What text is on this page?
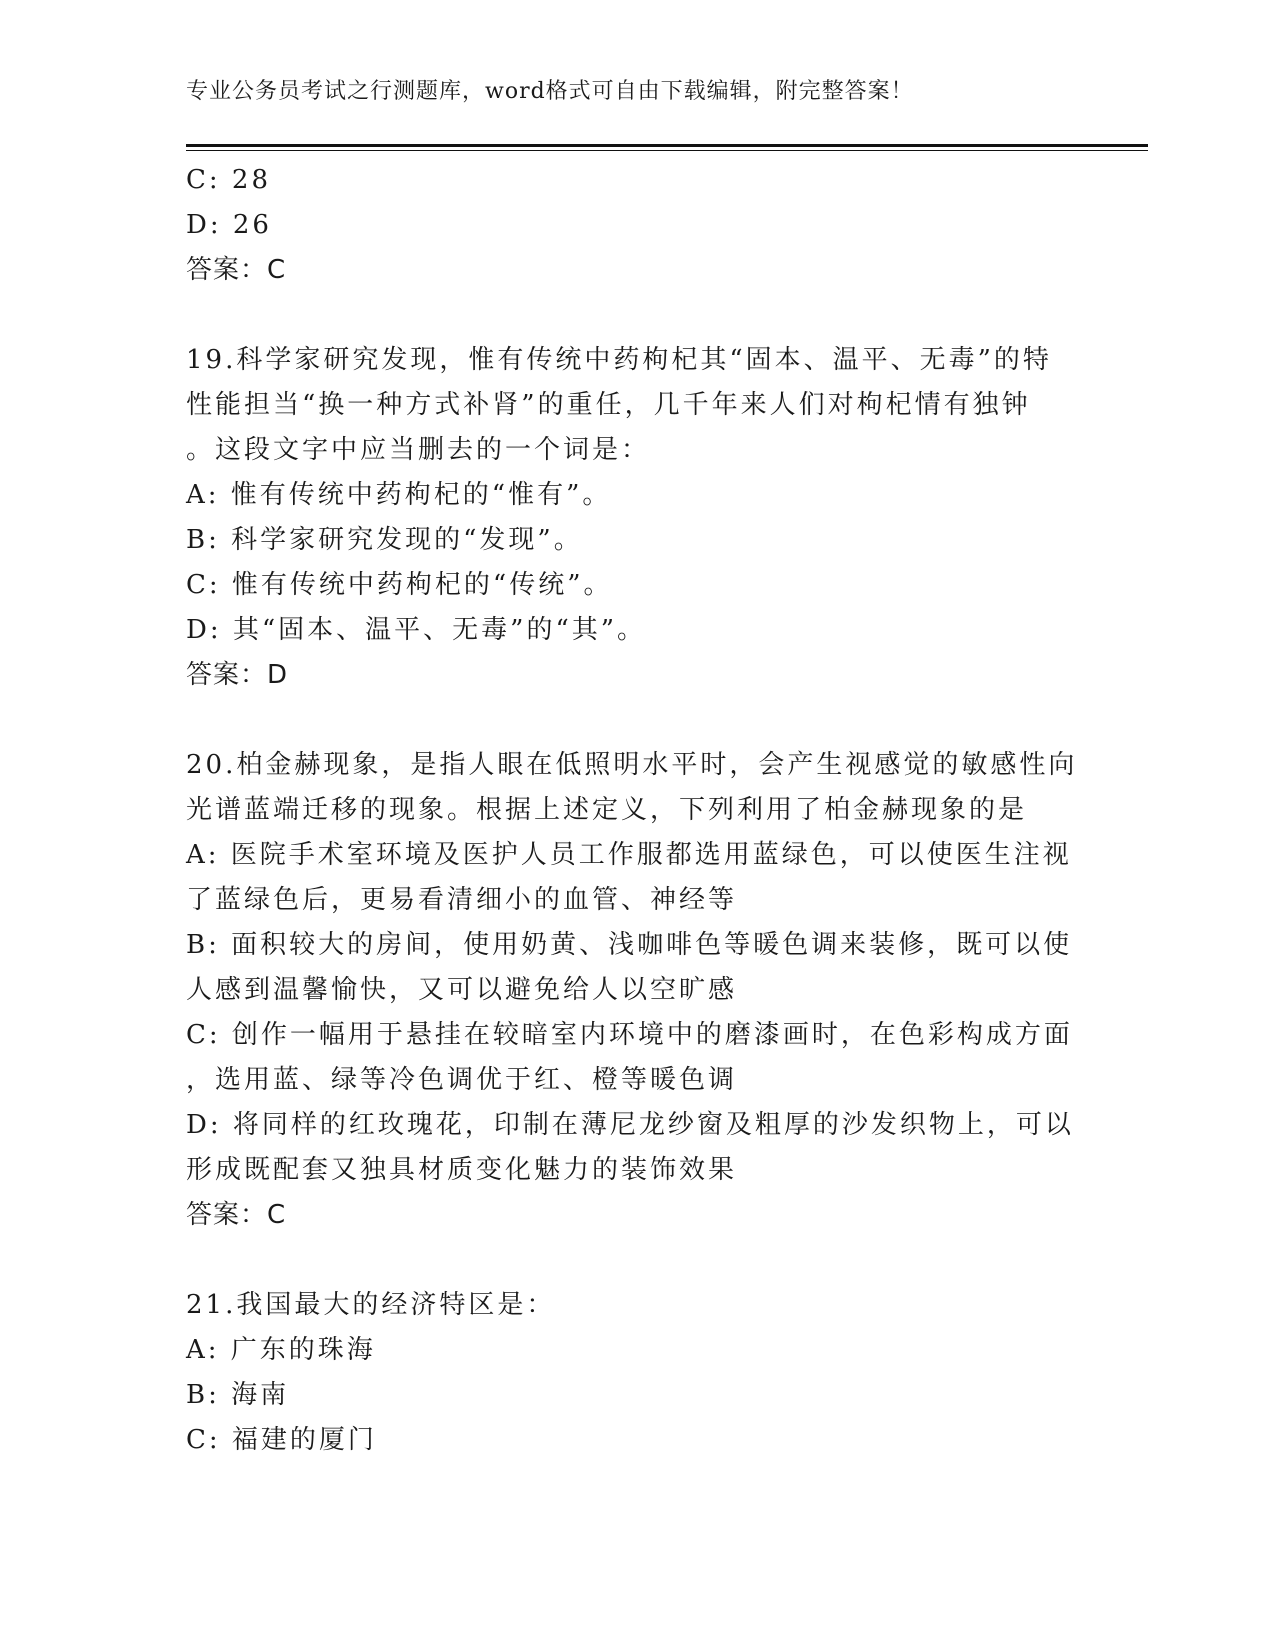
专业公务员考试之行测题库，word格式可自由下载编辑，附完整答案！
C: 28
D: 26
答案：C
19.科学家研究发现，惟有传统中药枸杞其“固本、温平、无毒”的特
性能担当“换一种方式补肾”的重任，几千年来人们对枸杞情有独钟
。这段文字中应当删去的一个词是：
A: 惟有传统中药枸杞的“惟有”。
B: 科学家研究发现的“发现”。
C: 惟有传统中药枸杞的“传统”。
D: 其“固本、温平、无毒”的“其”。
答案：D
20.柏金赫现象，是指人眼在低照明水平时，会产生视感觉的敏感性向
光谱蓝端迁移的现象。根据上述定义，下列利用了柏金赫现象的是
A: 医院手术室环境及医护人员工作服都选用蓝绿色，可以使医生注视
了蓝绿色后，更易看清细小的血管、神经等
B: 面积较大的房间，使用奶黄、浅咖啡色等暖色调来装修，既可以使
人感到温馨愉快，又可以避免给人以空旷感
C: 创作一幅用于悬挂在较暗室内环境中的磨漆画时，在色彩构成方面
，选用蓝、绿等冷色调优于红、橙等暖色调
D: 将同样的红玫瑰花，印制在薄尼龙纱窗及粗厚的沙发织物上，可以
形成既配套又独具材质变化魅力的装饰效果
答案：C
21.我国最大的经济特区是：
A: 广东的珠海
B: 海南
C: 福建的厦门
